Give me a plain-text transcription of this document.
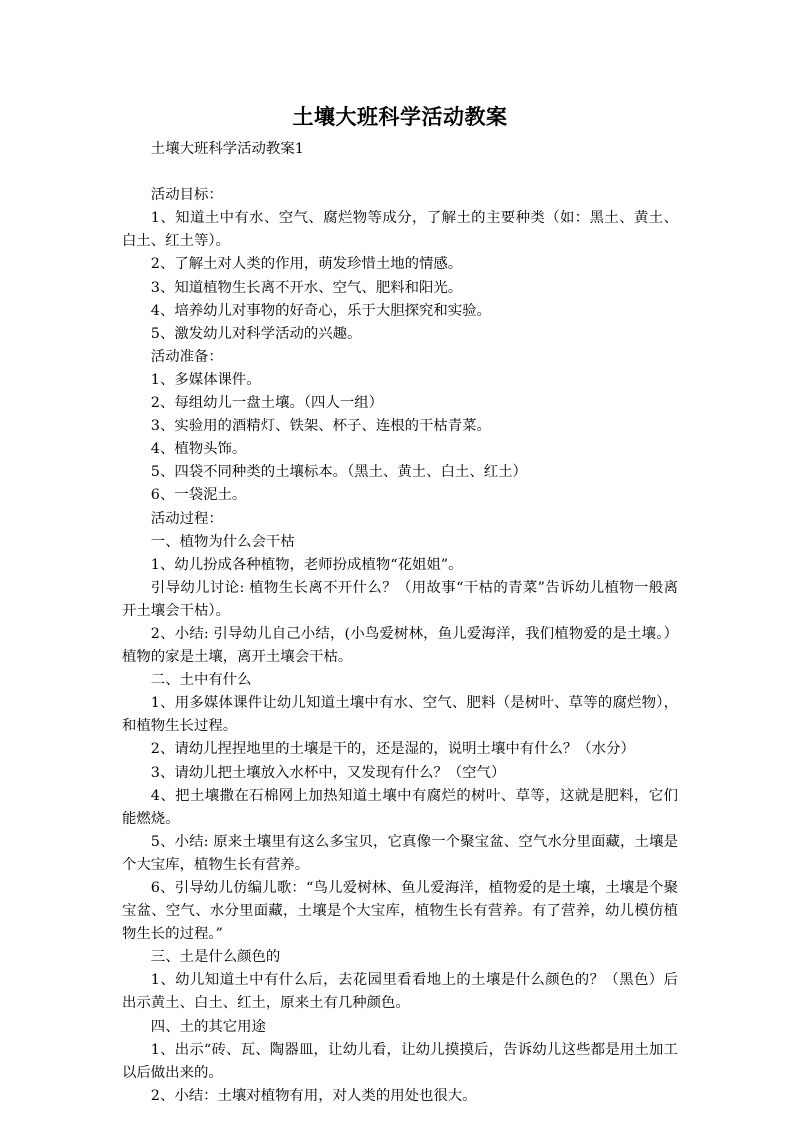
土壤大班科学活动教案

土壤大班科学活动教案1

活动目标：

1、知道土中有水、空气、腐烂物等成分，了解土的主要种类（如：黑土、黄土、白土、红土等）。

2、了解土对人类的作用，萌发珍惜土地的情感。

3、知道植物生长离不开水、空气、肥料和阳光。

4、培养幼儿对事物的好奇心，乐于大胆探究和实验。

5、激发幼儿对科学活动的兴趣。

活动准备：

1、多媒体课件。

2、每组幼儿一盘土壤。（四人一组）

3、实验用的酒精灯、铁架、杯子、连根的干枯青菜。

4、植物头饰。

5、四袋不同种类的土壤标本。（黑土、黄土、白土、红土）

6、一袋泥土。

活动过程：

一、植物为什么会干枯

1、幼儿扮成各种植物，老师扮成植物“花姐姐”。

引导幼儿讨论: 植物生长离不开什么？（用故事“干枯的青菜”告诉幼儿植物一般离开土壤会干枯）。

2、小结: 引导幼儿自己小结，(小鸟爱树林，鱼儿爱海洋，我们植物爱的是土壤。）植物的家是土壤，离开土壤会干枯。

二、土中有什么

1、用多媒体课件让幼儿知道土壤中有水、空气、肥料（是树叶、草等的腐烂物），和植物生长过程。

2、请幼儿捏捏地里的土壤是干的，还是湿的，说明土壤中有什么？（水分）

3、请幼儿把土壤放入水杯中，又发现有什么？（空气）

4、把土壤撒在石棉网上加热知道土壤中有腐烂的树叶、草等，这就是肥料，它们能燃烧。

5、小结: 原来土壤里有这么多宝贝，它真像一个聚宝盆、空气水分里面藏，土壤是个大宝库，植物生长有营养。

6、引导幼儿仿编儿歌：“鸟儿爱树林、鱼儿爱海洋，植物爱的是土壤，土壤是个聚宝盆、空气、水分里面藏，土壤是个大宝库，植物生长有营养。有了营养，幼儿模仿植物生长的过程。”

三、土是什么颜色的

1、幼儿知道土中有什么后，去花园里看看地上的土壤是什么颜色的？（黑色）后出示黄土、白土、红土，原来土有几种颜色。

四、土的其它用途

1、出示“砖、瓦、陶器皿，让幼儿看，让幼儿摸摸后，告诉幼儿这些都是用土加工以后做出来的。

2、小结：土壤对植物有用，对人类的用处也很大。
